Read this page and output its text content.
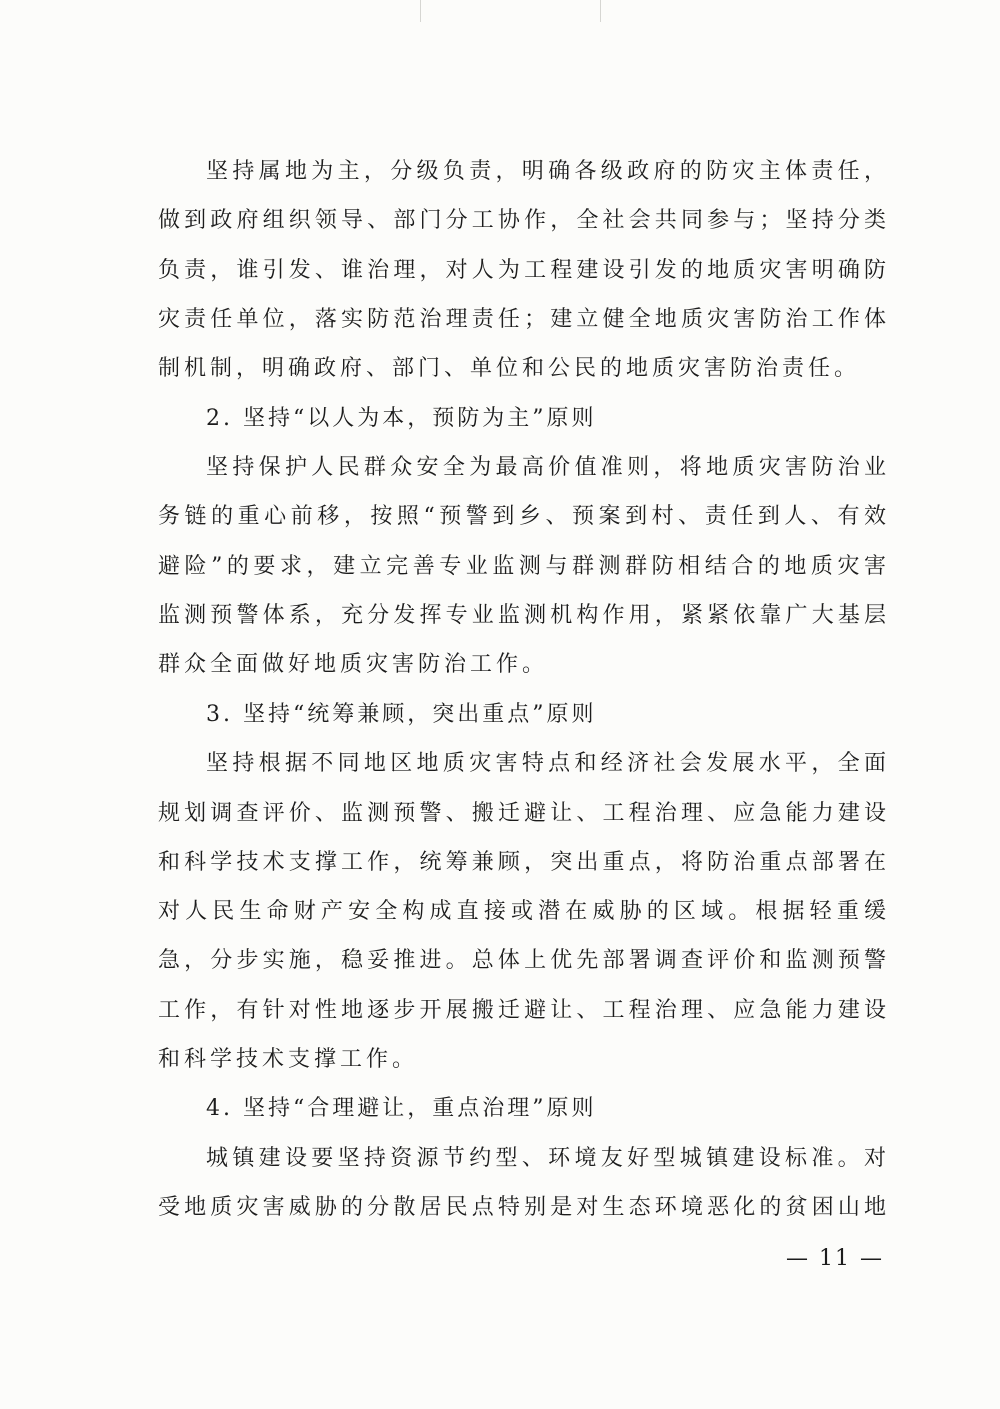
坚持属地为主，分级负责，明确各级政府的防灾主体责任，
做到政府组织领导、部门分工协作，全社会共同参与；坚持分类
负责，谁引发、谁治理，对人为工程建设引发的地质灾害明确防
灾责任单位，落实防范治理责任；建立健全地质灾害防治工作体
制机制，明确政府、部门、单位和公民的地质灾害防治责任。
2. 坚持“以人为本，预防为主”原则
坚持保护人民群众安全为最高价值准则，将地质灾害防治业
务链的重心前移，按照“预警到乡、预案到村、责任到人、有效
避险”的要求，建立完善专业监测与群测群防相结合的地质灾害
监测预警体系，充分发挥专业监测机构作用，紧紧依靠广大基层
群众全面做好地质灾害防治工作。
3. 坚持“统筹兼顾，突出重点”原则
坚持根据不同地区地质灾害特点和经济社会发展水平，全面
规划调查评价、监测预警、搬迁避让、工程治理、应急能力建设
和科学技术支撑工作，统筹兼顾，突出重点，将防治重点部署在
对人民生命财产安全构成直接或潜在威胁的区域。根据轻重缓
急，分步实施，稳妥推进。总体上优先部署调查评价和监测预警
工作，有针对性地逐步开展搬迁避让、工程治理、应急能力建设
和科学技术支撑工作。
4. 坚持“合理避让，重点治理”原则
城镇建设要坚持资源节约型、环境友好型城镇建设标准。对
受地质灾害威胁的分散居民点特别是对生态环境恶化的贫困山地
— 11 —
